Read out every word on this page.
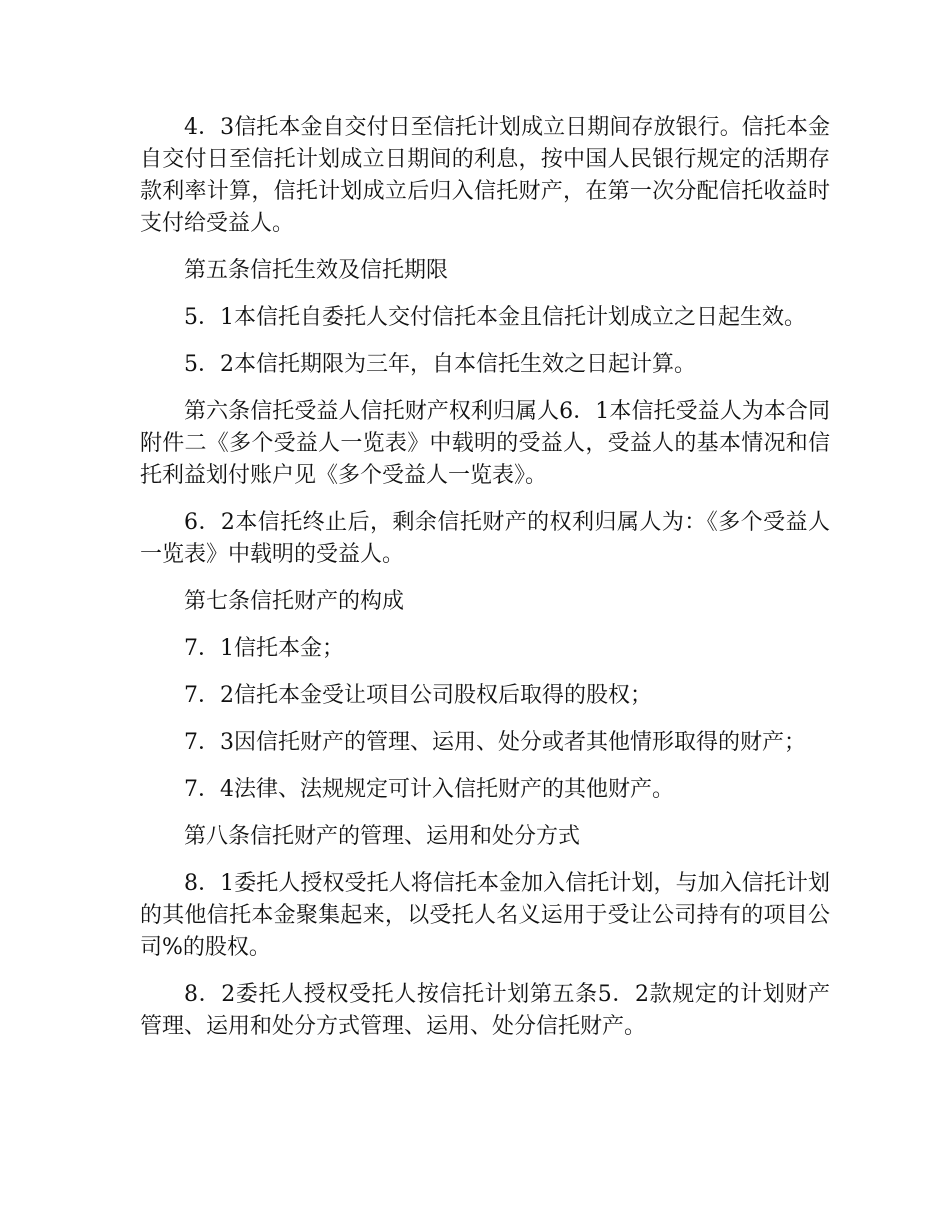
4．3信托本金自交付日至信托计划成立日期间存放银行。信托本金自交付日至信托计划成立日期间的利息，按中国人民银行规定的活期存款利率计算，信托计划成立后归入信托财产，在第一次分配信托收益时支付给受益人。

第五条信托生效及信托期限

5．1本信托自委托人交付信托本金且信托计划成立之日起生效。

5．2本信托期限为三年，自本信托生效之日起计算。

第六条信托受益人信托财产权利归属人6．1本信托受益人为本合同附件二《多个受益人一览表》中载明的受益人，受益人的基本情况和信托利益划付账户见《多个受益人一览表》。

6．2本信托终止后，剩余信托财产的权利归属人为：《多个受益人一览表》中载明的受益人。

第七条信托财产的构成

7．1信托本金；

7．2信托本金受让项目公司股权后取得的股权；

7．3因信托财产的管理、运用、处分或者其他情形取得的财产；

7．4法律、法规规定可计入信托财产的其他财产。

第八条信托财产的管理、运用和处分方式

8．1委托人授权受托人将信托本金加入信托计划，与加入信托计划的其他信托本金聚集起来，以受托人名义运用于受让公司持有的项目公司%的股权。

8．2委托人授权受托人按信托计划第五条5．2款规定的计划财产管理、运用和处分方式管理、运用、处分信托财产。
